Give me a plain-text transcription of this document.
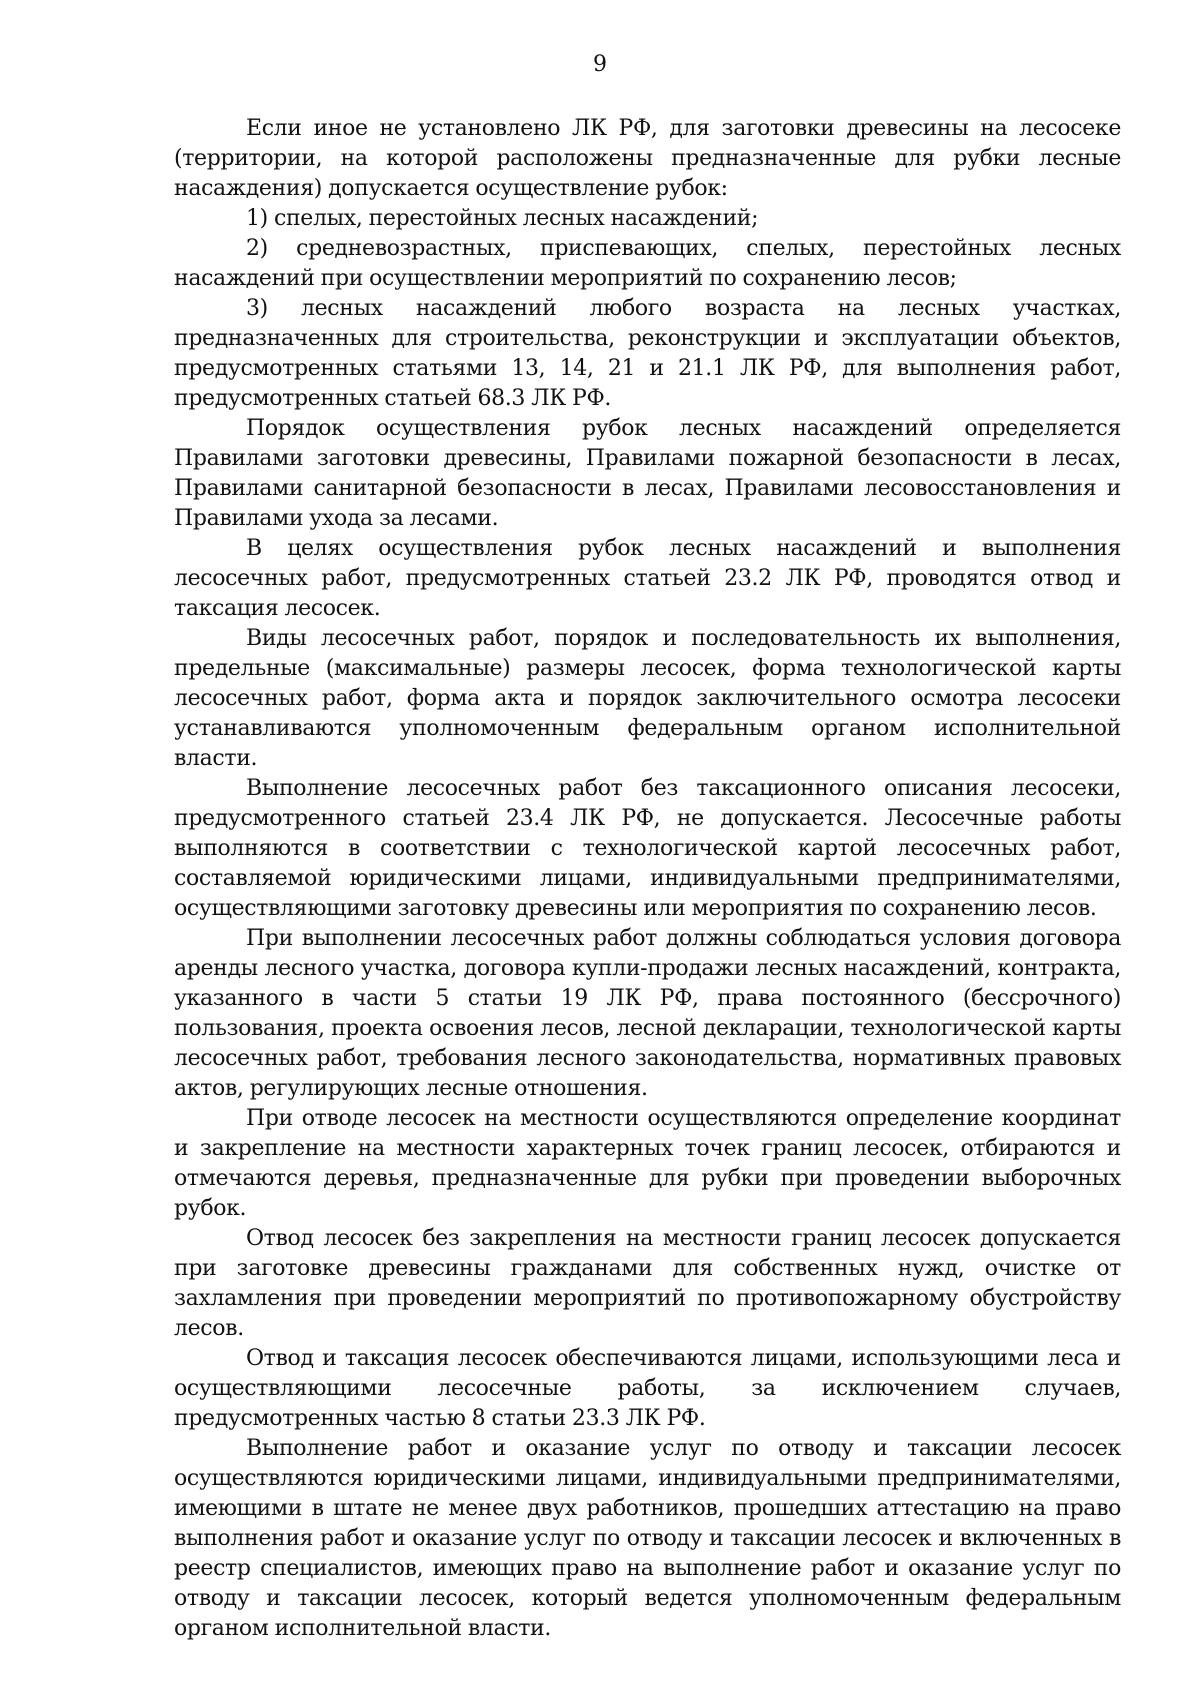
9

Если иное не установлено ЛК РФ, для заготовки древесины на лесосеке (территории, на которой расположены предназначенные для рубки лесные насаждения) допускается осуществление рубок:

1) спелых, перестойных лесных насаждений;

2) средневозрастных, приспевающих, спелых, перестойных лесных насаждений при осуществлении мероприятий по сохранению лесов;

3) лесных насаждений любого возраста на лесных участках, предназначенных для строительства, реконструкции и эксплуатации объектов, предусмотренных статьями 13, 14, 21 и 21.1 ЛК РФ, для выполнения работ, предусмотренных статьей 68.3 ЛК РФ.

Порядок осуществления рубок лесных насаждений определяется Правилами заготовки древесины, Правилами пожарной безопасности в лесах, Правилами санитарной безопасности в лесах, Правилами лесовосстановления и Правилами ухода за лесами.

В целях осуществления рубок лесных насаждений и выполнения лесосечных работ, предусмотренных статьей 23.2 ЛК РФ, проводятся отвод и таксация лесосек.

Виды лесосечных работ, порядок и последовательность их выполнения, предельные (максимальные) размеры лесосек, форма технологической карты лесосечных работ, форма акта и порядок заключительного осмотра лесосеки устанавливаются уполномоченным федеральным органом исполнительной власти.

Выполнение лесосечных работ без таксационного описания лесосеки, предусмотренного статьей 23.4 ЛК РФ, не допускается. Лесосечные работы выполняются в соответствии с технологической картой лесосечных работ, составляемой юридическими лицами, индивидуальными предпринимателями, осуществляющими заготовку древесины или мероприятия по сохранению лесов.

При выполнении лесосечных работ должны соблюдаться условия договора аренды лесного участка, договора купли-продажи лесных насаждений, контракта, указанного в части 5 статьи 19 ЛК РФ, права постоянного (бессрочного) пользования, проекта освоения лесов, лесной декларации, технологической карты лесосечных работ, требования лесного законодательства, нормативных правовых актов, регулирующих лесные отношения.

При отводе лесосек на местности осуществляются определение координат и закрепление на местности характерных точек границ лесосек, отбираются и отмечаются деревья, предназначенные для рубки при проведении выборочных рубок.

Отвод лесосек без закрепления на местности границ лесосек допускается при заготовке древесины гражданами для собственных нужд, очистке от захламления при проведении мероприятий по противопожарному обустройству лесов.

Отвод и таксация лесосек обеспечиваются лицами, использующими леса и осуществляющими лесосечные работы, за исключением случаев, предусмотренных частью 8 статьи 23.3 ЛК РФ.

Выполнение работ и оказание услуг по отводу и таксации лесосек осуществляются юридическими лицами, индивидуальными предпринимателями, имеющими в штате не менее двух работников, прошедших аттестацию на право выполнения работ и оказание услуг по отводу и таксации лесосек и включенных в реестр специалистов, имеющих право на выполнение работ и оказание услуг по отводу и таксации лесосек, который ведется уполномоченным федеральным органом исполнительной власти.
